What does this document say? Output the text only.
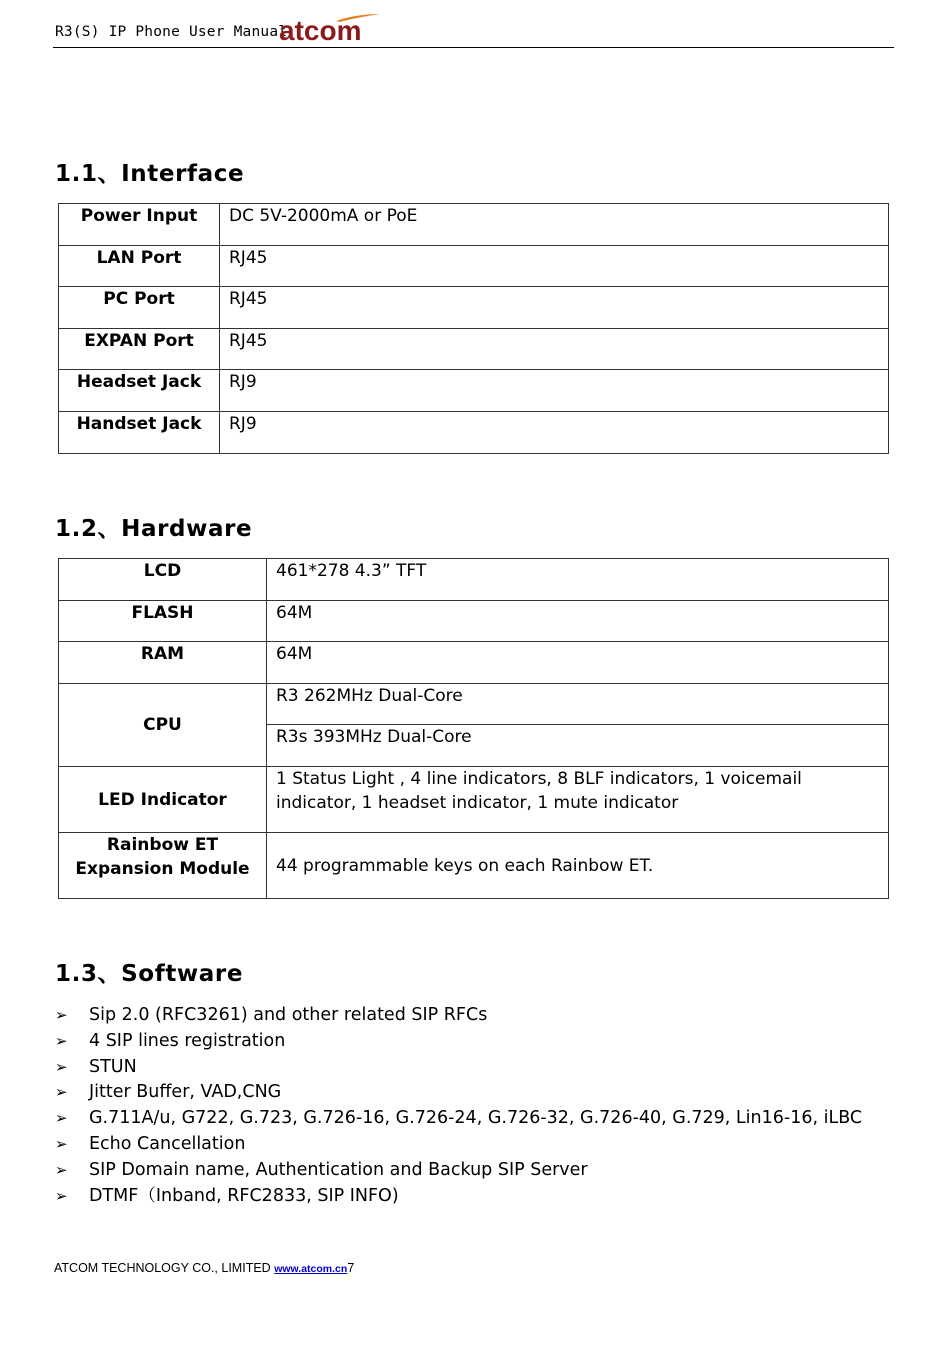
R3(S) IP Phone User Manual
atcom
1.1、Interface
Power Input	DC 5V-2000mA or PoE
LAN Port	RJ45
PC Port	RJ45
EXPAN Port	RJ45
Headset Jack	RJ9
Handset Jack	RJ9
1.2、Hardware
LCD	461*278 4.3” TFT
FLASH	64M
RAM	64M
CPU	R3 262MHz Dual-Core
	R3s 393MHz Dual-Core
LED Indicator	1 Status Light , 4 line indicators, 8 BLF indicators, 1 voicemail
indicator, 1 headset indicator, 1 mute indicator

Rainbow ET
Expansion Module	44 programmable keys on each Rainbow ET.
1.3、Software
➢ Sip 2.0 (RFC3261) and other related SIP RFCs
➢ 4 SIP lines registration
➢ STUN
➢ Jitter Buffer, VAD,CNG
➢ G.711A/u, G722, G.723, G.726-16, G.726-24, G.726-32, G.726-40, G.729, Lin16-16, iLBC
➢ Echo Cancellation
➢ SIP Domain name, Authentication and Backup SIP Server
➢ DTMF（Inband, RFC2833, SIP INFO)
ATCOM TECHNOLOGY CO., LIMITED www.atcom.cn7
